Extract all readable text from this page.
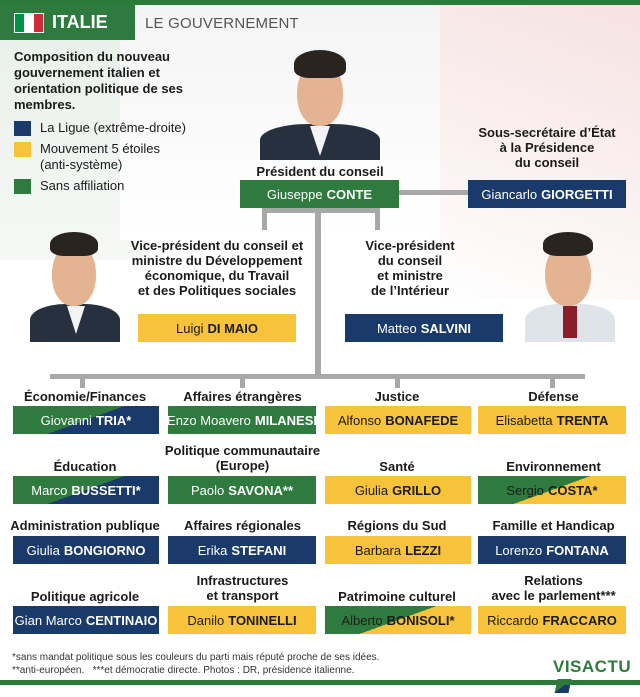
ITALIE LE GOUVERNEMENT
Composition du nouveau gouvernement italien et orientation politique de ses membres.
La Ligue (extrême-droite)
Mouvement 5 étoiles
(anti-système)
Sans affiliation
Président du conseil
Giuseppe CONTE
Sous-secrétaire d’État
à la Présidence
du conseil
Giancarlo GIORGETTI
Vice-président du conseil et
ministre du Développement
économique, du Travail
et des Politiques sociales
Luigi DI MAIO
Vice-président
du conseil
et ministre
de l’Intérieur
Matteo SALVINI
Économie/Finances
Giovanni TRIA*
Affaires étrangères
Enzo Moavero MILANESI
Justice
Alfonso BONAFEDE
Défense
Elisabetta TRENTA
Éducation
Marco BUSSETTI*
Politique communautaire
(Europe)
Paolo SAVONA**
Santé
Giulia GRILLO
Environnement
Sergio COSTA*
Administration publique
Giulia BONGIORNO
Affaires régionales
Erika STEFANI
Régions du Sud
Barbara LEZZI
Famille et Handicap
Lorenzo FONTANA
Politique agricole
Gian Marco CENTINAIO
Infrastructures
et transport
Danilo TONINELLI
Patrimoine culturel
Alberto BONISOLI*
Relations
avec le parlement***
Riccardo FRACCARO
*sans mandat politique sous les couleurs du parti mais réputé proche de ses idées.
**anti-européen.   ***et démocratie directe. Photos : DR, présidence italienne.	VISACTU
